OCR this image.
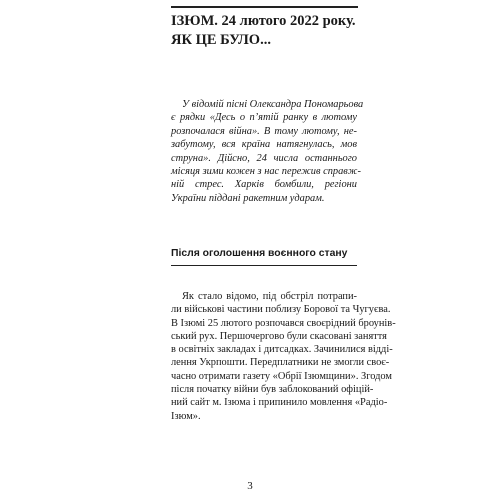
ІЗЮМ. 24 лютого 2022 року.
ЯК ЦЕ БУЛО...
У відомій пісні Олександра Пономарьова
є рядки «Десь о п’ятій ранку в лютому
розпочалася війна». В тому лютому, не-
забутому, вся країна натягнулась, мов
струна». Дійсно, 24 числа останнього
місяця зими кожен з нас пережив справж-
ній стрес. Харків бомбили, регіони
України піддані ракетним ударам.
Після оголошення воєнного стану
Як стало відомо, під обстріл потрапи-
ли військові частини поблизу Борової та Чугуєва.
В Ізюмі 25 лютого розпочався своєрідний броунів-
ський рух. Першочергово були скасовані заняття
в освітніх закладах і дитсадках. Зачинилися відді-
лення Укрпошти. Передплатники не змогли своє-
часно отримати газету «Обрії Ізюмщини». Згодом
після початку війни був заблокований офіцій-
ний сайт м. Ізюма і припинило мовлення «Радіо-
Ізюм».
3
